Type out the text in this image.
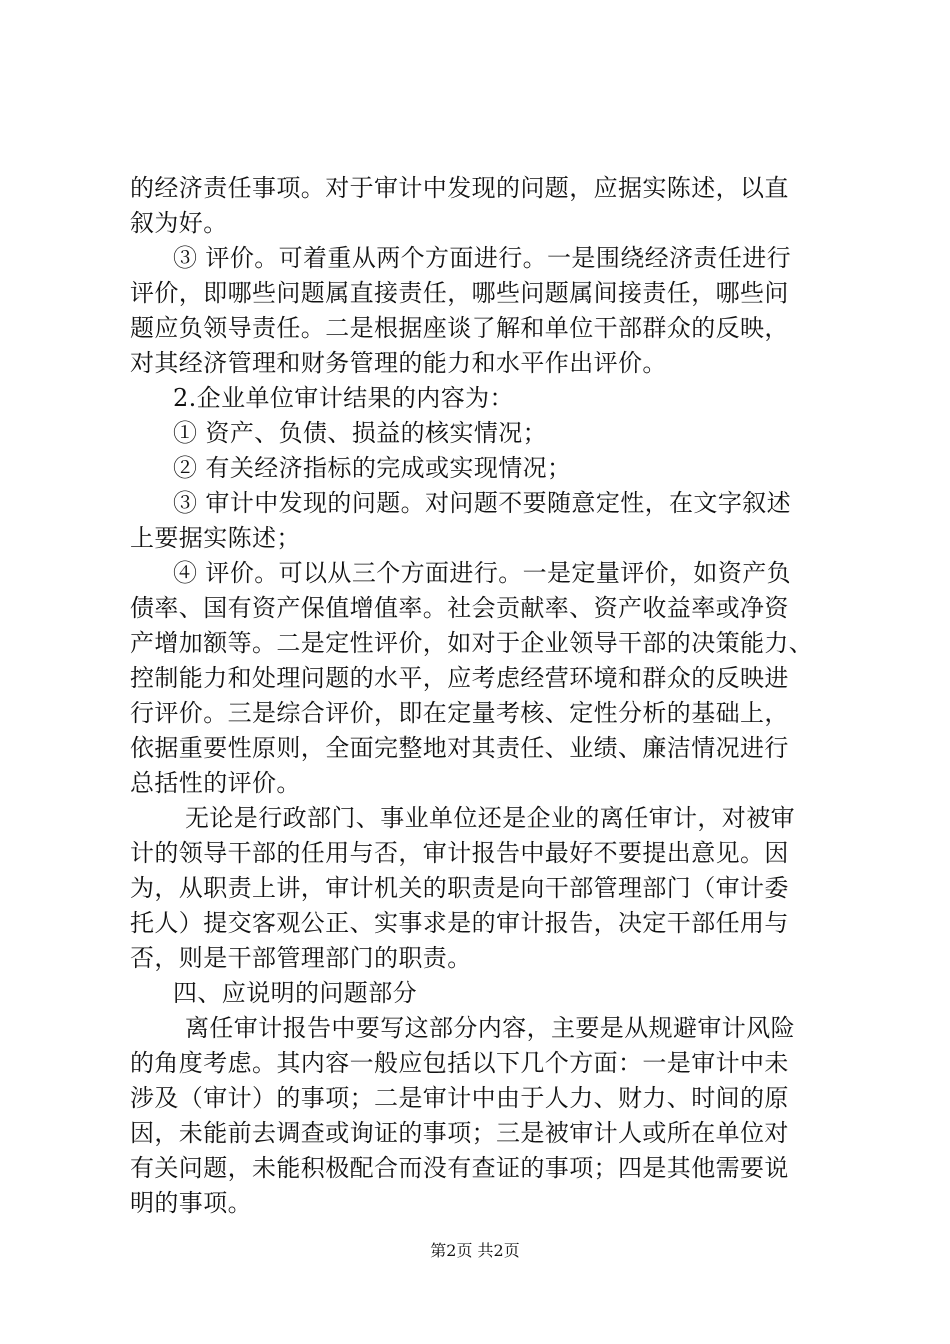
的经济责任事项。对于审计中发现的问题，应据实陈述，以直
叙为好。
③ 评价。可着重从两个方面进行。一是围绕经济责任进行
评价，即哪些问题属直接责任，哪些问题属间接责任，哪些问
题应负领导责任。二是根据座谈了解和单位干部群众的反映，
对其经济管理和财务管理的能力和水平作出评价。
2.企业单位审计结果的内容为：
① 资产、负债、损益的核实情况；
② 有关经济指标的完成或实现情况；
③ 审计中发现的问题。对问题不要随意定性，在文字叙述
上要据实陈述；
④ 评价。可以从三个方面进行。一是定量评价，如资产负
债率、国有资产保值增值率。社会贡献率、资产收益率或净资
产增加额等。二是定性评价，如对于企业领导干部的决策能力、
控制能力和处理问题的水平，应考虑经营环境和群众的反映进
行评价。三是综合评价，即在定量考核、定性分析的基础上，
依据重要性原则，全面完整地对其责任、业绩、廉洁情况进行
总括性的评价。
无论是行政部门、事业单位还是企业的离任审计，对被审
计的领导干部的任用与否，审计报告中最好不要提出意见。因
为，从职责上讲，审计机关的职责是向干部管理部门（审计委
托人）提交客观公正、实事求是的审计报告，决定干部任用与
否，则是干部管理部门的职责。
四、应说明的问题部分
离任审计报告中要写这部分内容，主要是从规避审计风险
的角度考虑。其内容一般应包括以下几个方面：一是审计中未
涉及（审计）的事项；二是审计中由于人力、财力、时间的原
因，未能前去调查或询证的事项；三是被审计人或所在单位对
有关问题，未能积极配合而没有查证的事项；四是其他需要说
明的事项。
第2页 共2页
